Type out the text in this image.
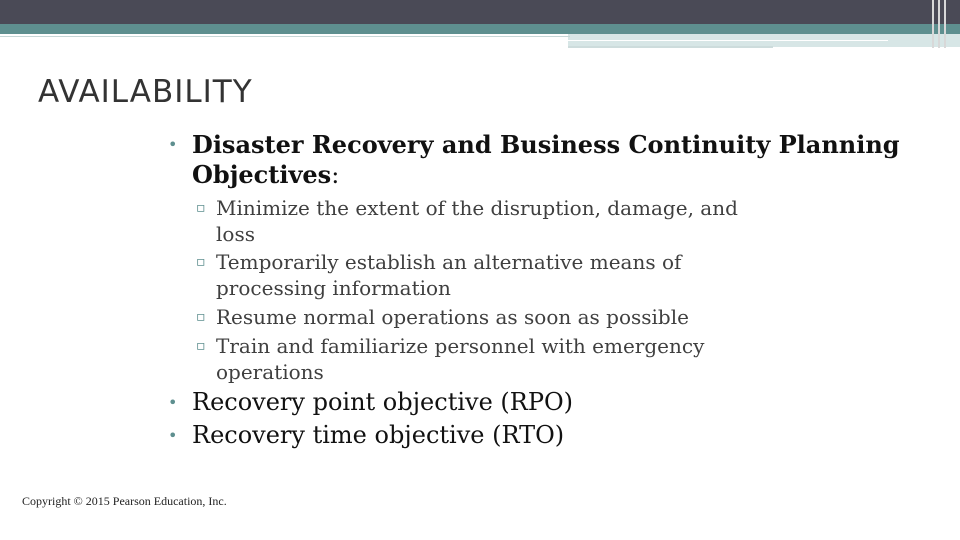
AVAILABILITY
• Disaster Recovery and Business Continuity Planning Objectives:
▫ Minimize the extent of the disruption, damage, and loss
▫ Temporarily establish an alternative means of processing information
▫ Resume normal operations as soon as possible
▫ Train and familiarize personnel with emergency operations
• Recovery point objective (RPO)
• Recovery time objective (RTO)
Copyright © 2015 Pearson Education, Inc.
